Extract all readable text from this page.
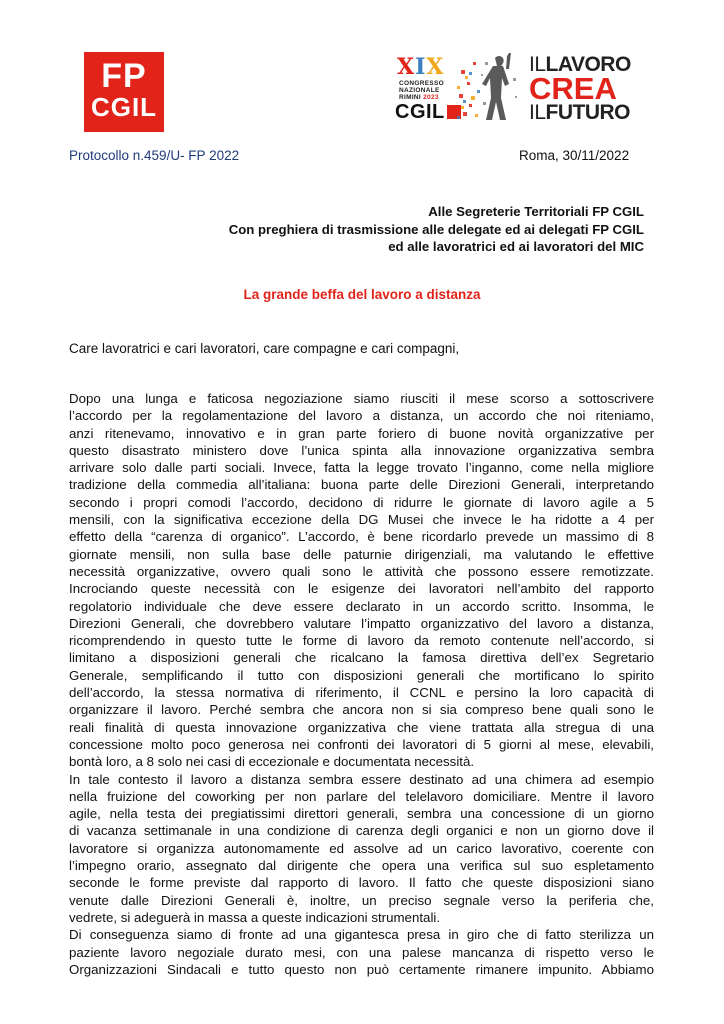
FP
CGIL
XIX
CONGRESSO
NAZIONALE
RIMINI 2023
CGIL
ILLAVORO
CREA
ILFUTURO
Protocollo n.459/U- FP 2022	Roma, 30/11/2022
Alle Segreterie Territoriali FP CGIL
Con preghiera di trasmissione alle delegate ed ai delegati FP CGIL
ed alle lavoratrici ed ai lavoratori del MIC
La grande beffa del lavoro a distanza
Care lavoratrici e cari lavoratori, care compagne e cari compagni,
Dopo una lunga e faticosa negoziazione siamo riusciti il mese scorso a sottoscrivere
l’accordo per la regolamentazione del lavoro a distanza, un accordo che noi riteniamo,
anzi ritenevamo, innovativo e in gran parte foriero di buone novità organizzative per
questo disastrato ministero dove l’unica spinta alla innovazione organizzativa sembra
arrivare solo dalle parti sociali. Invece, fatta la legge trovato l’inganno, come nella migliore
tradizione della commedia all’italiana: buona parte delle Direzioni Generali, interpretando
secondo i propri comodi l’accordo, decidono di ridurre le giornate di lavoro agile a 5
mensili, con la significativa eccezione della DG Musei che invece le ha ridotte a 4 per
effetto della “carenza di organico”. L’accordo, è bene ricordarlo prevede un massimo di 8
giornate mensili, non sulla base delle paturnie dirigenziali, ma valutando le effettive
necessità organizzative, ovvero quali sono le attività che possono essere remotizzate.
Incrociando queste necessità con le esigenze dei lavoratori nell’ambito del rapporto
regolatorio individuale che deve essere declarato in un accordo scritto. Insomma, le
Direzioni Generali, che dovrebbero valutare l’impatto organizzativo del lavoro a distanza,
ricomprendendo in questo tutte le forme di lavoro da remoto contenute nell’accordo, si
limitano a disposizioni generali che ricalcano la famosa direttiva dell’ex Segretario
Generale, semplificando il tutto con disposizioni generali che mortificano lo spirito
dell’accordo, la stessa normativa di riferimento, il CCNL e persino la loro capacità di
organizzare il lavoro. Perché sembra che ancora non si sia compreso bene quali sono le
reali finalità di questa innovazione organizzativa che viene trattata alla stregua di una
concessione molto poco generosa nei confronti dei lavoratori di 5 giorni al mese, elevabili,
bontà loro, a 8 solo nei casi di eccezionale e documentata necessità.
In tale contesto il lavoro a distanza sembra essere destinato ad una chimera ad esempio
nella fruizione del coworking per non parlare del telelavoro domiciliare. Mentre il lavoro
agile, nella testa dei pregiatissimi direttori generali, sembra una concessione di un giorno
di vacanza settimanale in una condizione di carenza degli organici e non un giorno dove il
lavoratore si organizza autonomamente ed assolve ad un carico lavorativo, coerente con
l’impegno orario, assegnato dal dirigente che opera una verifica sul suo espletamento
seconde le forme previste dal rapporto di lavoro. Il fatto che queste disposizioni siano
venute dalle Direzioni Generali è, inoltre, un preciso segnale verso la periferia che,
vedrete, si adeguerà in massa a queste indicazioni strumentali.
Di conseguenza siamo di fronte ad una gigantesca presa in giro che di fatto sterilizza un
paziente lavoro negoziale durato mesi, con una palese mancanza di rispetto verso le
Organizzazioni Sindacali e tutto questo non può certamente rimanere impunito. Abbiamo
